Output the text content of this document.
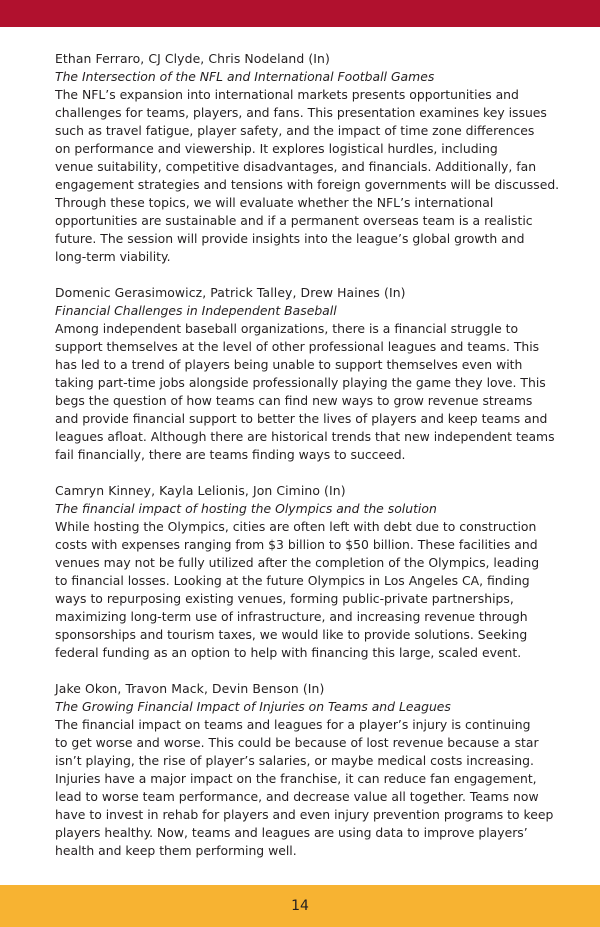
Ethan Ferraro, CJ Clyde, Chris Nodeland (In)

The Intersection of the NFL and International Football Games

The NFL’s expansion into international markets presents opportunities and
challenges for teams, players, and fans. This presentation examines key issues
such as travel fatigue, player safety, and the impact of time zone differences
on performance and viewership. It explores logistical hurdles, including
venue suitability, competitive disadvantages, and financials. Additionally, fan
engagement strategies and tensions with foreign governments will be discussed.
Through these topics, we will evaluate whether the NFL’s international
opportunities are sustainable and if a permanent overseas team is a realistic
future. The session will provide insights into the league’s global growth and
long-term viability.

Domenic Gerasimowicz, Patrick Talley, Drew Haines (In)

Financial Challenges in Independent Baseball

Among independent baseball organizations, there is a financial struggle to
support themselves at the level of other professional leagues and teams. This
has led to a trend of players being unable to support themselves even with
taking part-time jobs alongside professionally playing the game they love. This
begs the question of how teams can find new ways to grow revenue streams
and provide financial support to better the lives of players and keep teams and
leagues afloat. Although there are historical trends that new independent teams
fail financially, there are teams finding ways to succeed.

Camryn Kinney, Kayla Lelionis, Jon Cimino (In)

The financial impact of hosting the Olympics and the solution

While hosting the Olympics, cities are often left with debt due to construction
costs with expenses ranging from $3 billion to $50 billion. These facilities and
venues may not be fully utilized after the completion of the Olympics, leading
to financial losses. Looking at the future Olympics in Los Angeles CA, finding
ways to repurposing existing venues, forming public-private partnerships,
maximizing long-term use of infrastructure, and increasing revenue through
sponsorships and tourism taxes, we would like to provide solutions. Seeking
federal funding as an option to help with financing this large, scaled event.

Jake Okon, Travon Mack, Devin Benson (In)

The Growing Financial Impact of Injuries on Teams and Leagues

The financial impact on teams and leagues for a player’s injury is continuing
to get worse and worse. This could be because of lost revenue because a star
isn’t playing, the rise of player’s salaries, or maybe medical costs increasing.
Injuries have a major impact on the franchise, it can reduce fan engagement,
lead to worse team performance, and decrease value all together. Teams now
have to invest in rehab for players and even injury prevention programs to keep
players healthy. Now, teams and leagues are using data to improve players’
health and keep them performing well.

14
